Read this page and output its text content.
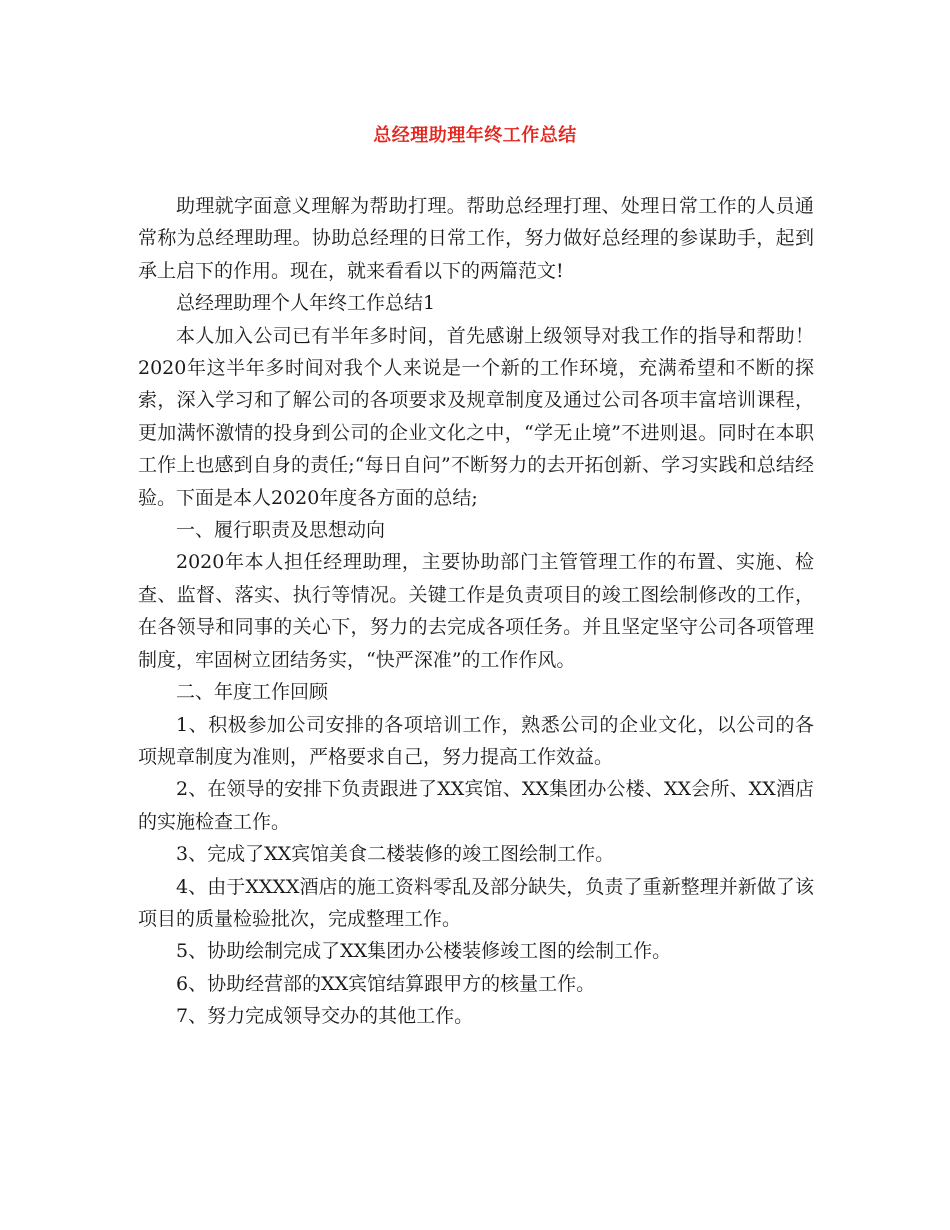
总经理助理年终工作总结

助理就字面意义理解为帮助打理。帮助总经理打理、处理日常工作的人员通常称为总经理助理。协助总经理的日常工作，努力做好总经理的参谋助手，起到承上启下的作用。现在，就来看看以下的两篇范文!

总经理助理个人年终工作总结1

本人加入公司已有半年多时间，首先感谢上级领导对我工作的指导和帮助！2020年这半年多时间对我个人来说是一个新的工作环境，充满希望和不断的探索，深入学习和了解公司的各项要求及规章制度及通过公司各项丰富培训课程，更加满怀激情的投身到公司的企业文化之中，“学无止境”不进则退。同时在本职工作上也感到自身的责任;“每日自问”不断努力的去开拓创新、学习实践和总结经验。下面是本人2020年度各方面的总结;

一、履行职责及思想动向

2020年本人担任经理助理，主要协助部门主管管理工作的布置、实施、检查、监督、落实、执行等情况。关键工作是负责项目的竣工图绘制修改的工作，在各领导和同事的关心下，努力的去完成各项任务。并且坚定坚守公司各项管理制度，牢固树立团结务实，“快严深准”的工作作风。

二、年度工作回顾

1、积极参加公司安排的各项培训工作，熟悉公司的企业文化，以公司的各项规章制度为准则，严格要求自己，努力提高工作效益。

2、在领导的安排下负责跟进了XX宾馆、XX集团办公楼、XX会所、XX酒店的实施检查工作。

3、完成了XX宾馆美食二楼装修的竣工图绘制工作。

4、由于XXXX酒店的施工资料零乱及部分缺失，负责了重新整理并新做了该项目的质量检验批次，完成整理工作。

5、协助绘制完成了XX集团办公楼装修竣工图的绘制工作。

6、协助经营部的XX宾馆结算跟甲方的核量工作。

7、努力完成领导交办的其他工作。
